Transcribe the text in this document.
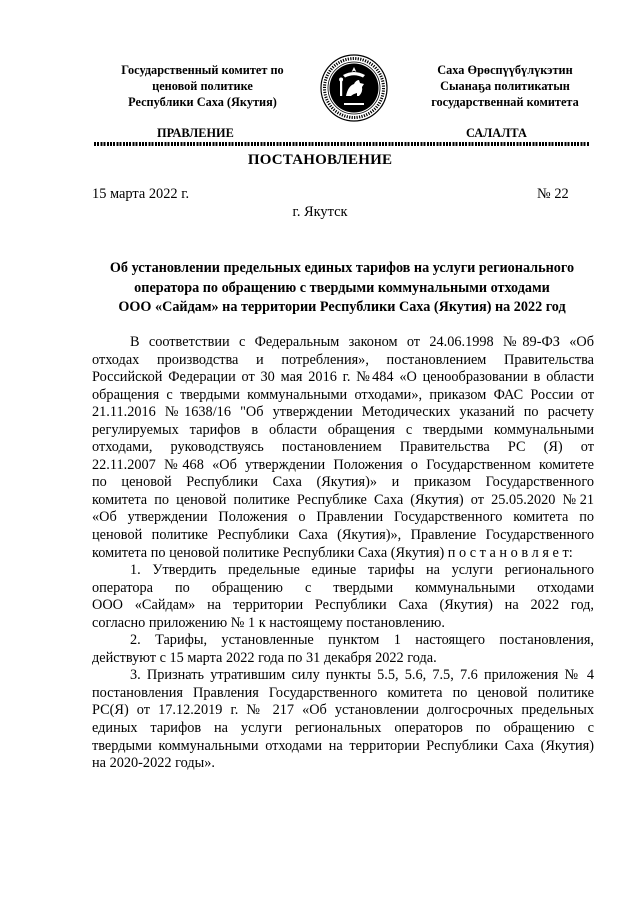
Государственный комитет по
ценовой политике
Республики Саха (Якутия)
Саха Өрөспүүбүлүкэтин
Сыанаҕа политикатын
государственнай комитета
ПРАВЛЕНИЕ	САЛАЛТА
ПОСТАНОВЛЕНИЕ
15 марта 2022 г.	№ 22
г. Якутск
Об установлении предельных единых тарифов на услуги регионального
оператора по обращению с твердыми коммунальными отходами
ООО «Сайдам» на территории Республики Саха (Якутия) на 2022 год
В соответствии с Федеральным законом от 24.06.1998 №89-ФЗ «Об
отходах производства и потребления», постановлением Правительства
Российской Федерации от 30 мая 2016 г. №484 «О ценообразовании в области
обращения с твердыми коммунальными отходами», приказом ФАС России от
21.11.2016 №1638/16 "Об утверждении Методических указаний по расчету
регулируемых тарифов в области обращения с твердыми коммунальными
отходами, руководствуясь постановлением Правительства РС (Я) от
22.11.2007 №468 «Об утверждении Положения о Государственном комитете
по ценовой Республики Саха (Якутия)» и приказом Государственного
комитета по ценовой политике Республике Саха (Якутия) от 25.05.2020 №21
«Об утверждении Положения о Правлении Государственного комитета по
ценовой политике Республики Саха (Якутия)», Правление Государственного
комитета по ценовой политике Республики Саха (Якутия) п о с т а н о в л я е т:
1. Утвердить предельные единые тарифы на услуги регионального
оператора по обращению с твердыми коммунальными отходами
ООО «Сайдам» на территории Республики Саха (Якутия) на 2022 год,
согласно приложению № 1 к настоящему постановлению.
2. Тарифы, установленные пунктом 1 настоящего постановления,
действуют с 15 марта 2022 года по 31 декабря 2022 года.
3. Признать утратившим силу пункты 5.5, 5.6, 7.5, 7.6 приложения № 4
постановления Правления Государственного комитета по ценовой политике
РС(Я) от 17.12.2019 г. № 217 «Об установлении долгосрочных предельных
единых тарифов на услуги региональных операторов по обращению с
твердыми коммунальными отходами на территории Республики Саха (Якутия)
на 2020-2022 годы».
